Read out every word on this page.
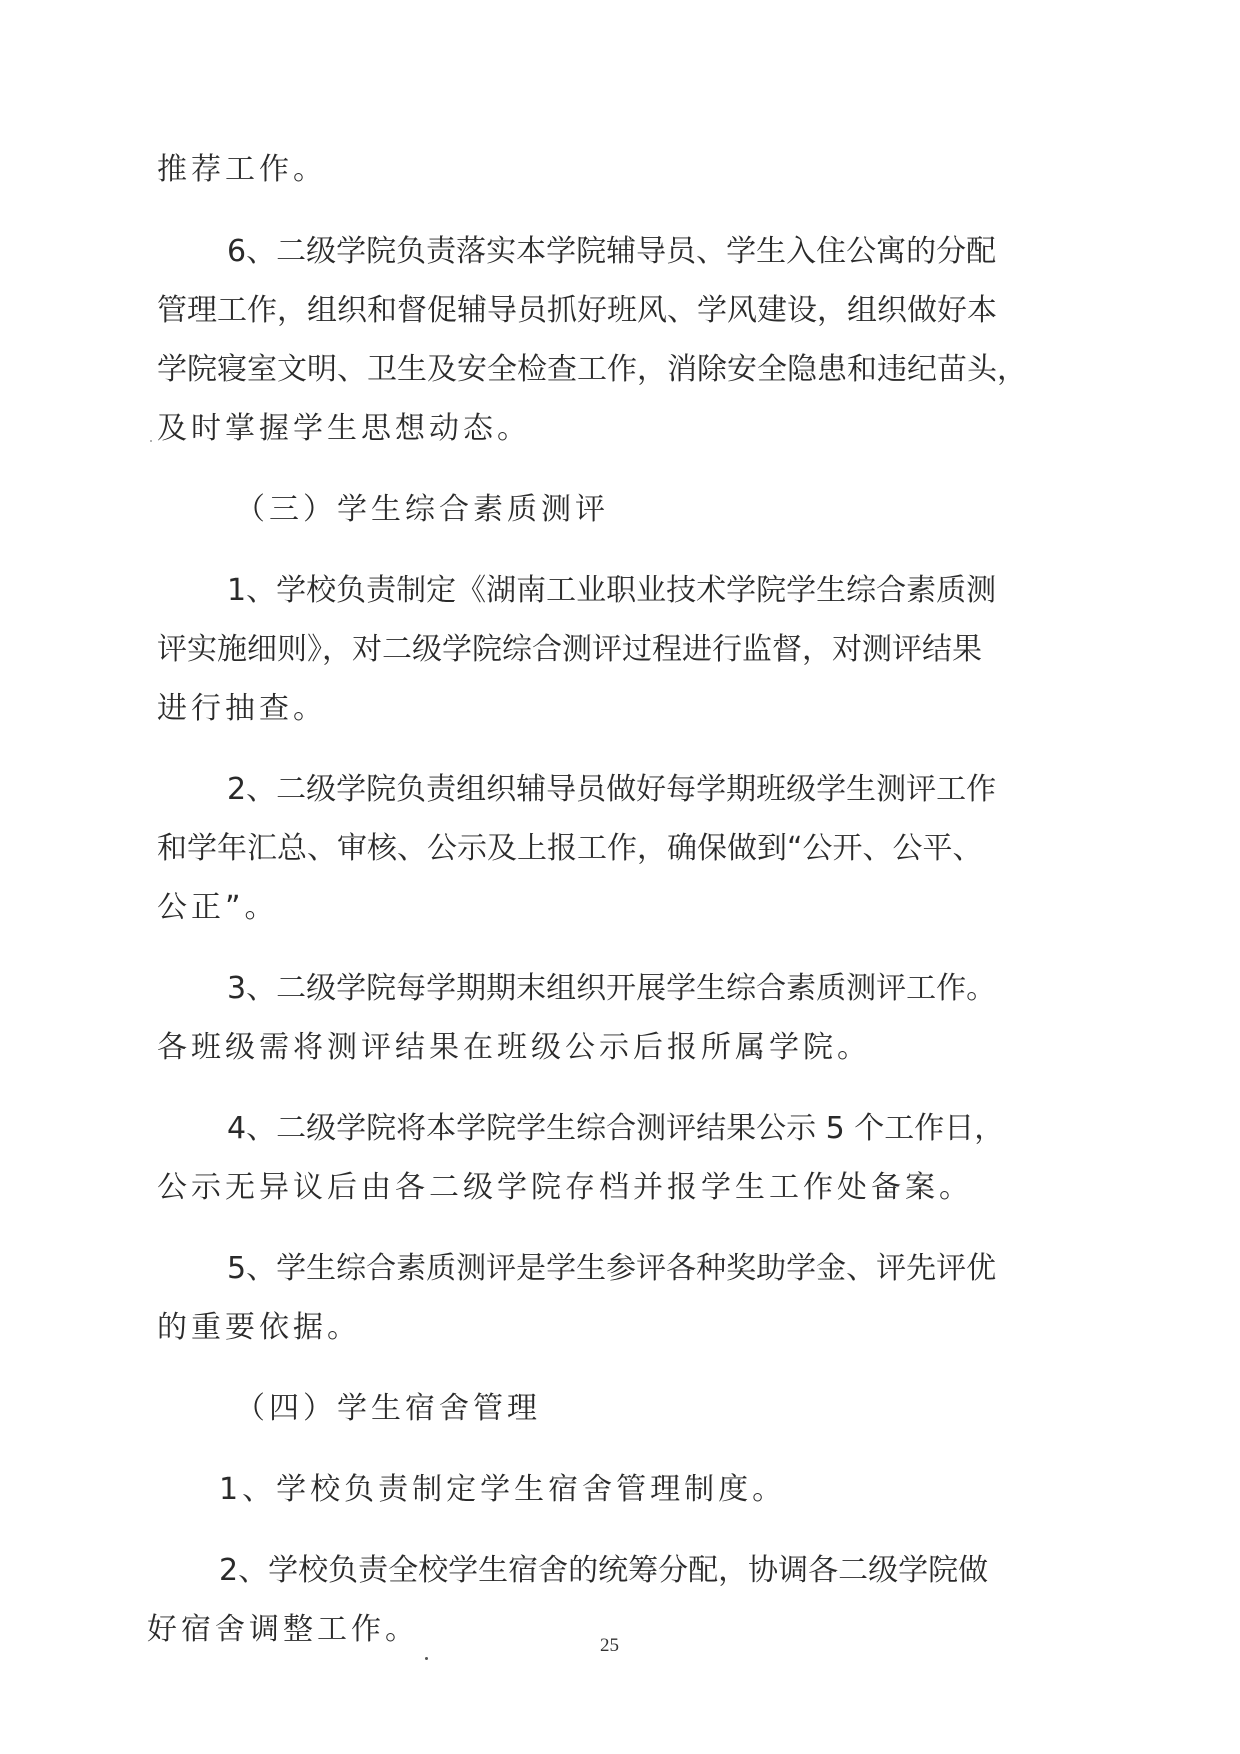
推荐工作。
6、二级学院负责落实本学院辅导员、学生入住公寓的分配
管理工作，组织和督促辅导员抓好班风、学风建设，组织做好本
学院寝室文明、卫生及安全检查工作，消除安全隐患和违纪苗头，
及时掌握学生思想动态。
（三）学生综合素质测评
1、学校负责制定《湖南工业职业技术学院学生综合素质测
评实施细则》，对二级学院综合测评过程进行监督，对测评结果
进行抽查。
2、二级学院负责组织辅导员做好每学期班级学生测评工作
和学年汇总、审核、公示及上报工作，确保做到“公开、公平、
公正”。
3、二级学院每学期期末组织开展学生综合素质测评工作。
各班级需将测评结果在班级公示后报所属学院。
4、二级学院将本学院学生综合测评结果公示 5 个工作日，
公示无异议后由各二级学院存档并报学生工作处备案。
5、学生综合素质测评是学生参评各种奖助学金、评先评优
的重要依据。
（四）学生宿舍管理
1、学校负责制定学生宿舍管理制度。
2、学校负责全校学生宿舍的统筹分配，协调各二级学院做
好宿舍调整工作。	25
